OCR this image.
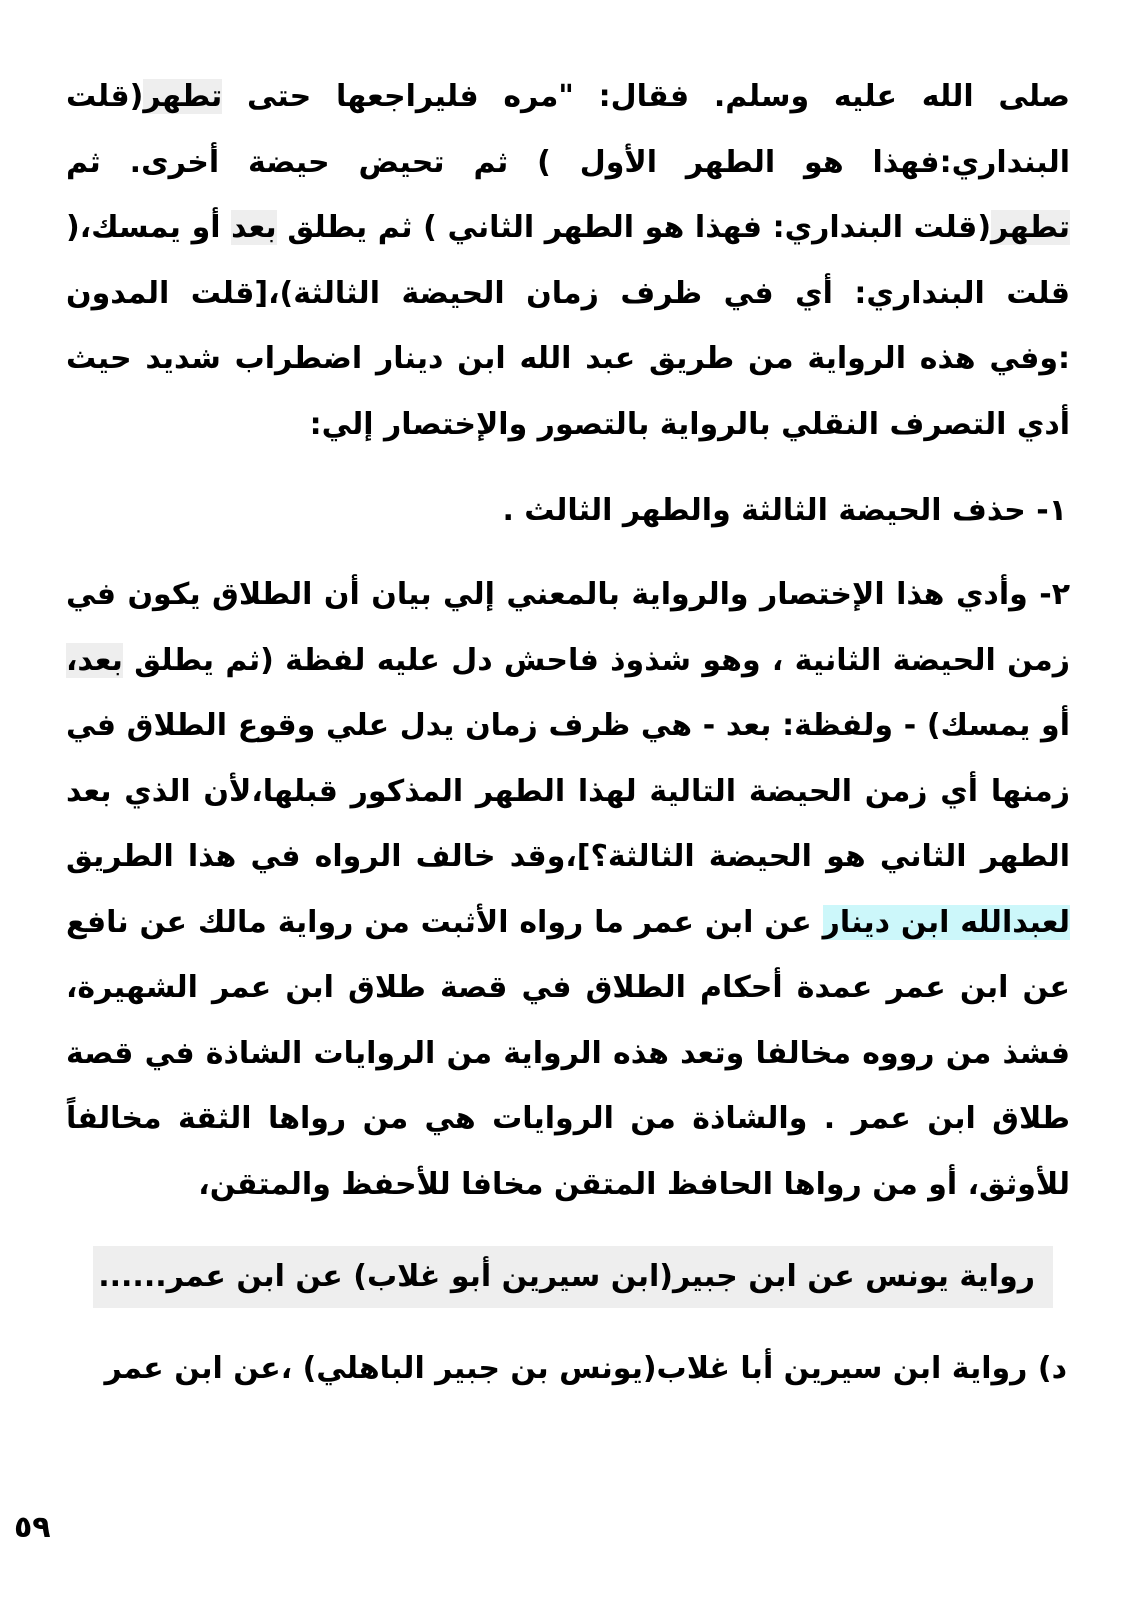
صلى الله عليه وسلم. فقال: "مره فليراجعها حتى تطهر(قلت البنداري:فهذا هو الطهر الأول ) ثم تحيض حيضة أخرى. ثم تطهر(قلت البنداري: فهذا هو الطهر الثاني ) ثم يطلق بعد أو يمسك،( قلت البنداري: أي في ظرف زمان الحيضة الثالثة)،[قلت المدون :وفي هذه الرواية من طريق عبد الله ابن دينار اضطراب شديد حيث أدي التصرف النقلي بالرواية بالتصور والإختصار إلي:
١- حذف الحيضة الثالثة والطهر الثالث .
٢- وأدي هذا الإختصار والرواية بالمعني إلي بيان أن الطلاق يكون في زمن الحيضة الثانية ، وهو شذوذ فاحش دل عليه لفظة (ثم يطلق بعد، أو يمسك) - ولفظة: بعد - هي ظرف زمان يدل علي وقوع الطلاق في زمنها أي زمن الحيضة التالية لهذا الطهر المذكور قبلها،لأن الذي بعد الطهر الثاني هو الحيضة الثالثة؟]،وقد خالف الرواه في هذا الطريق لعبدالله ابن دينار عن ابن عمر ما رواه الأثبت من رواية مالك عن نافع عن ابن عمر عمدة أحكام الطلاق في قصة طلاق ابن عمر الشهيرة، فشذ من رووه مخالفا وتعد هذه الرواية من الروايات الشاذة في قصة طلاق ابن عمر . والشاذة من الروايات هي من رواها الثقة مخالفاً للأوثق، أو من رواها الحافظ المتقن مخافا للأحفظ والمتقن،
رواية يونس عن ابن جبير(ابن سيرين أبو غلاب) عن ابن عمر......
د) رواية ابن سيرين أبا غلاب(يونس بن جبير الباهلي) ،عن ابن عمر
٥٩
